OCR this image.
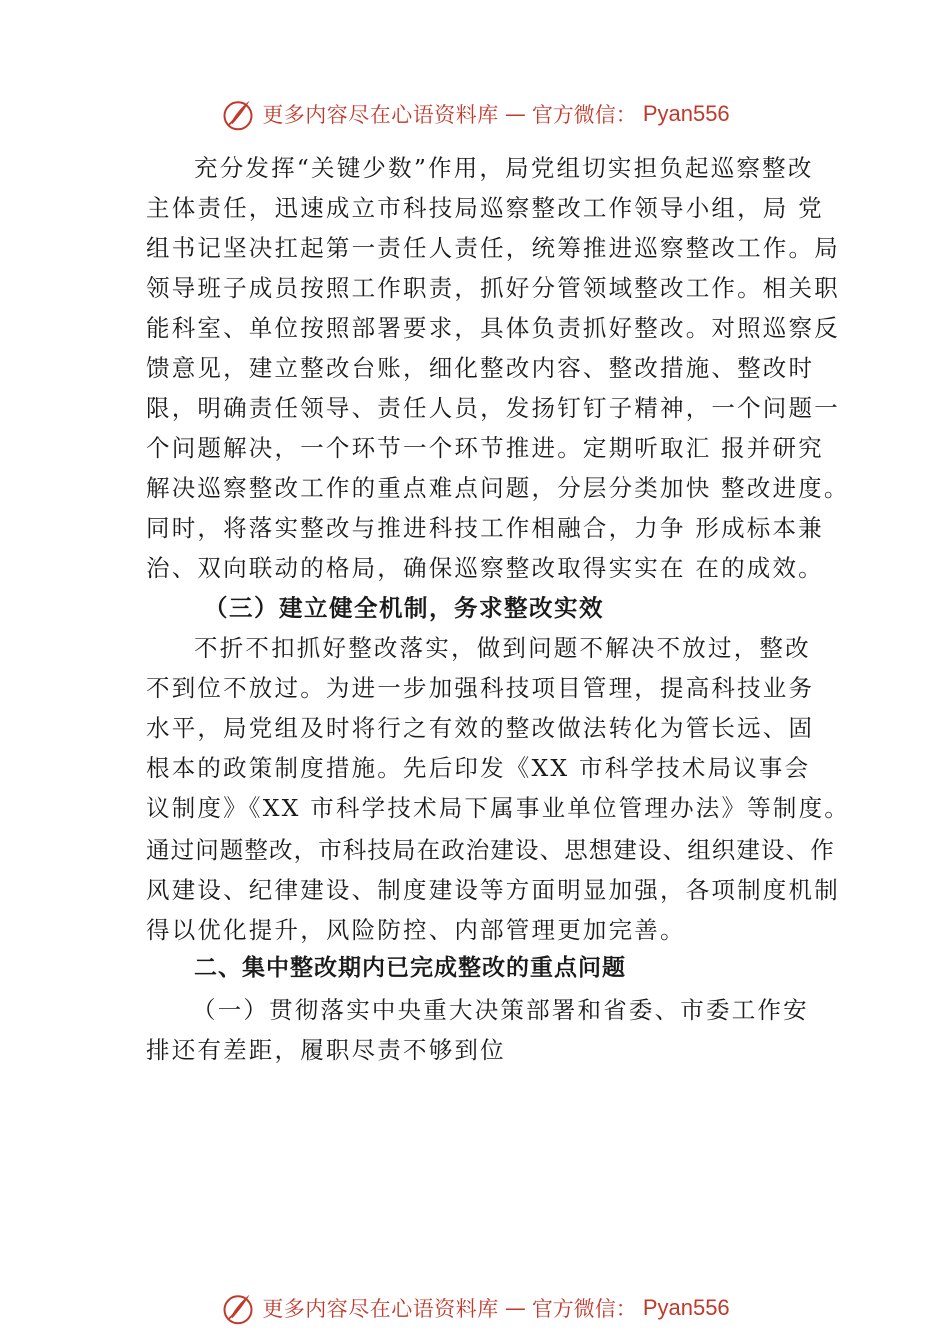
更多内容尽在心语资料库 — 官方微信： Pyan556
充分发挥“关键少数”作用，局党组切实担负起巡察整改
主体责任，迅速成立市科技局巡察整改工作领导小组，局 党
组书记坚决扛起第一责任人责任，统筹推进巡察整改工作。局
领导班子成员按照工作职责，抓好分管领域整改工作。相关职
能科室、单位按照部署要求，具体负责抓好整改。对照巡察反
馈意见，建立整改台账，细化整改内容、整改措施、整改时
限，明确责任领导、责任人员，发扬钉钉子精神，一个问题一
个问题解决，一个环节一个环节推进。定期听取汇 报并研究
解决巡察整改工作的重点难点问题，分层分类加快 整改进度。
同时，将落实整改与推进科技工作相融合，力争 形成标本兼
治、双向联动的格局，确保巡察整改取得实实在 在的成效。
（三）建立健全机制，务求整改实效
不折不扣抓好整改落实，做到问题不解决不放过，整改
不到位不放过。为进一步加强科技项目管理，提高科技业务
水平，局党组及时将行之有效的整改做法转化为管长远、固
根本的政策制度措施。先后印发《XX 市科学技术局议事会
议制度》《XX 市科学技术局下属事业单位管理办法》等制度。
通过问题整改，市科技局在政治建设、思想建设、组织建设、作
风建设、纪律建设、制度建设等方面明显加强，各项制度机制
得以优化提升，风险防控、内部管理更加完善。
二、集中整改期内已完成整改的重点问题
（一）贯彻落实中央重大决策部署和省委、市委工作安
排还有差距，履职尽责不够到位
更多内容尽在心语资料库 — 官方微信： Pyan556
